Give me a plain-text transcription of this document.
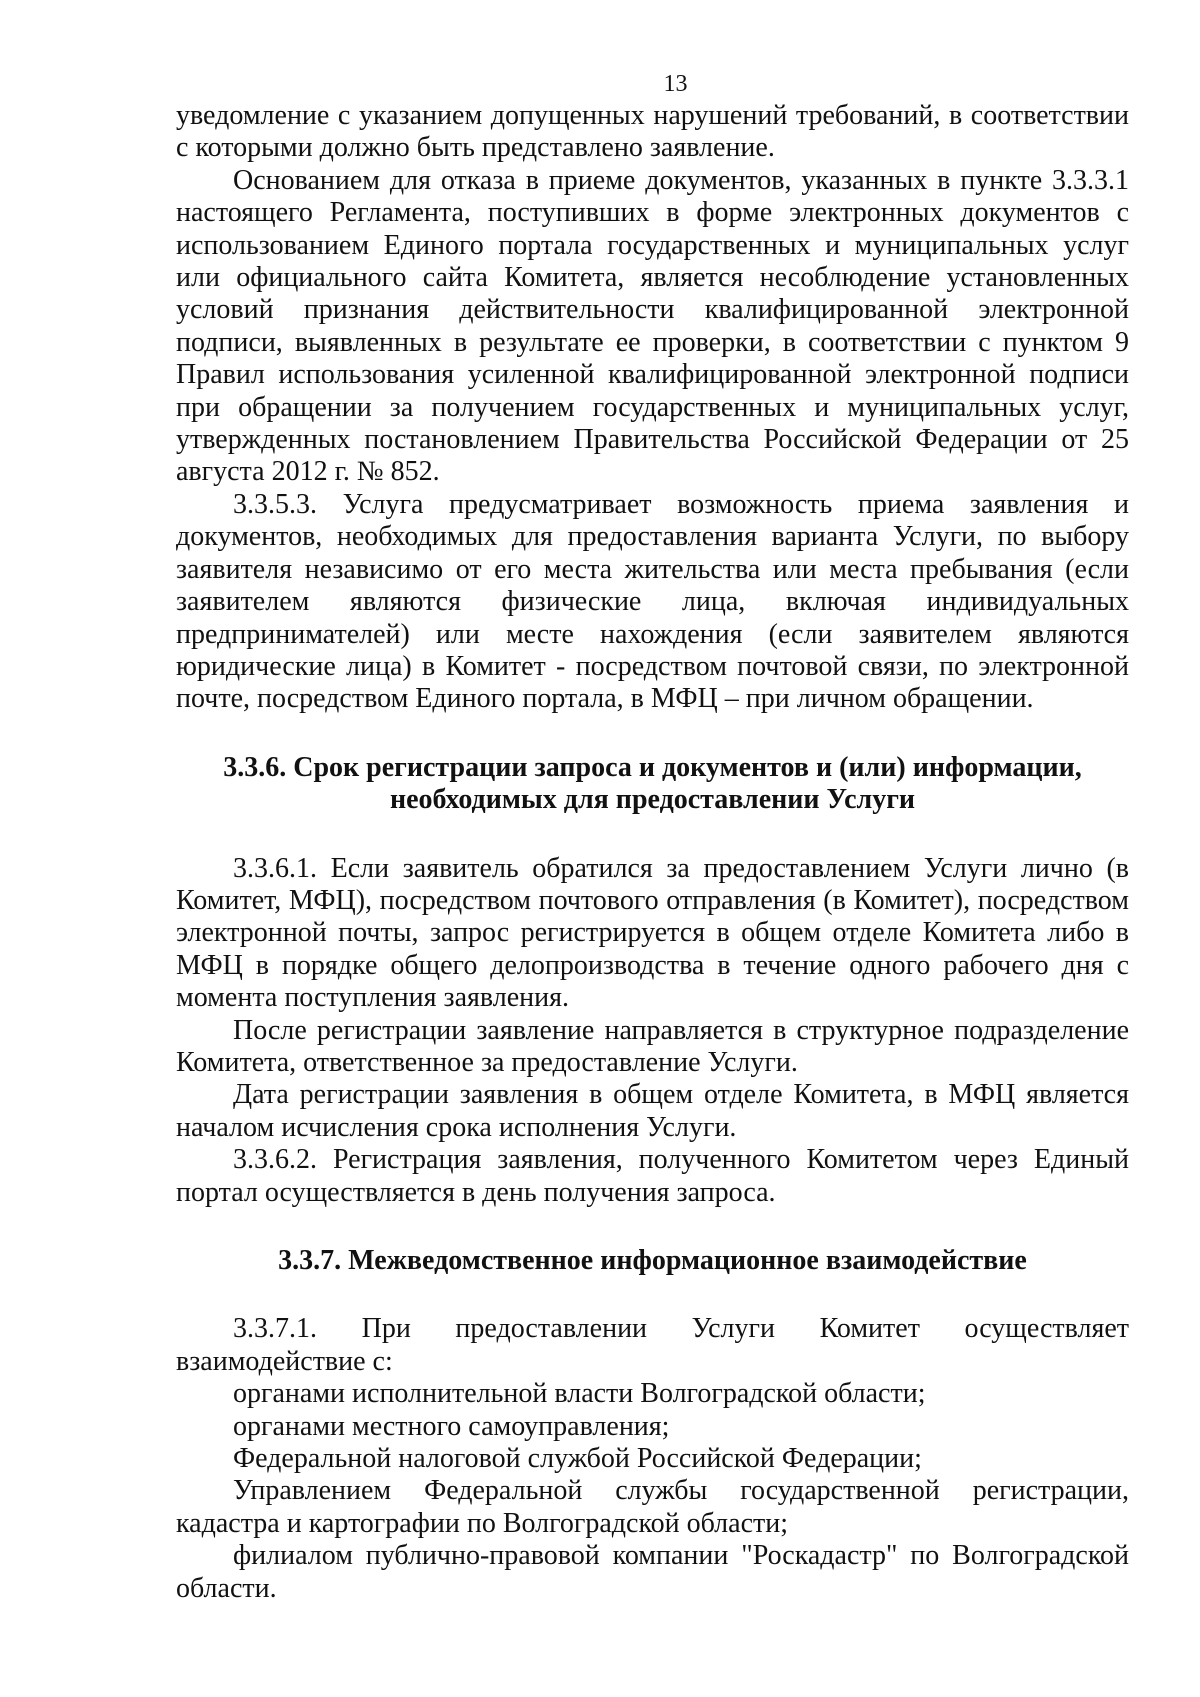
13

уведомление с указанием допущенных нарушений требований, в соответствии с которыми должно быть представлено заявление.

Основанием для отказа в приеме документов, указанных в пункте 3.3.3.1 настоящего Регламента, поступивших в форме электронных документов с использованием Единого портала государственных и муниципальных услуг или официального сайта Комитета, является несоблюдение установленных условий признания действительности квалифицированной электронной подписи, выявленных в результате ее проверки, в соответствии с пунктом 9 Правил использования усиленной квалифицированной электронной подписи при обращении за получением государственных и муниципальных услуг, утвержденных постановлением Правительства Российской Федерации от 25 августа 2012 г. № 852.

3.3.5.3. Услуга предусматривает возможность приема заявления и документов, необходимых для предоставления варианта Услуги, по выбору заявителя независимо от его места жительства или места пребывания (если заявителем являются физические лица, включая индивидуальных предпринимателей) или месте нахождения (если заявителем являются юридические лица) в Комитет - посредством почтовой связи, по электронной почте, посредством Единого портала, в МФЦ – при личном обращении.

3.3.6. Срок регистрации запроса и документов и (или) информации,
необходимых для предоставлении Услуги

3.3.6.1. Если заявитель обратился за предоставлением Услуги лично (в Комитет, МФЦ), посредством почтового отправления (в Комитет), посредством электронной почты, запрос регистрируется в общем отделе Комитета либо в МФЦ в порядке общего делопроизводства в течение одного рабочего дня с момента поступления заявления.

После регистрации заявление направляется в структурное подразделение Комитета, ответственное за предоставление Услуги.

Дата регистрации заявления в общем отделе Комитета, в МФЦ является началом исчисления срока исполнения Услуги.

3.3.6.2. Регистрация заявления, полученного Комитетом через Единый портал осуществляется в день получения запроса.

3.3.7. Межведомственное информационное взаимодействие

3.3.7.1. При предоставлении Услуги Комитет осуществляет взаимодействие с:

органами исполнительной власти Волгоградской области;

органами местного самоуправления;

Федеральной налоговой службой Российской Федерации;

Управлением Федеральной службы государственной регистрации, кадастра и картографии по Волгоградской области;

филиалом публично-правовой компании "Роскадастр" по Волгоградской области.
